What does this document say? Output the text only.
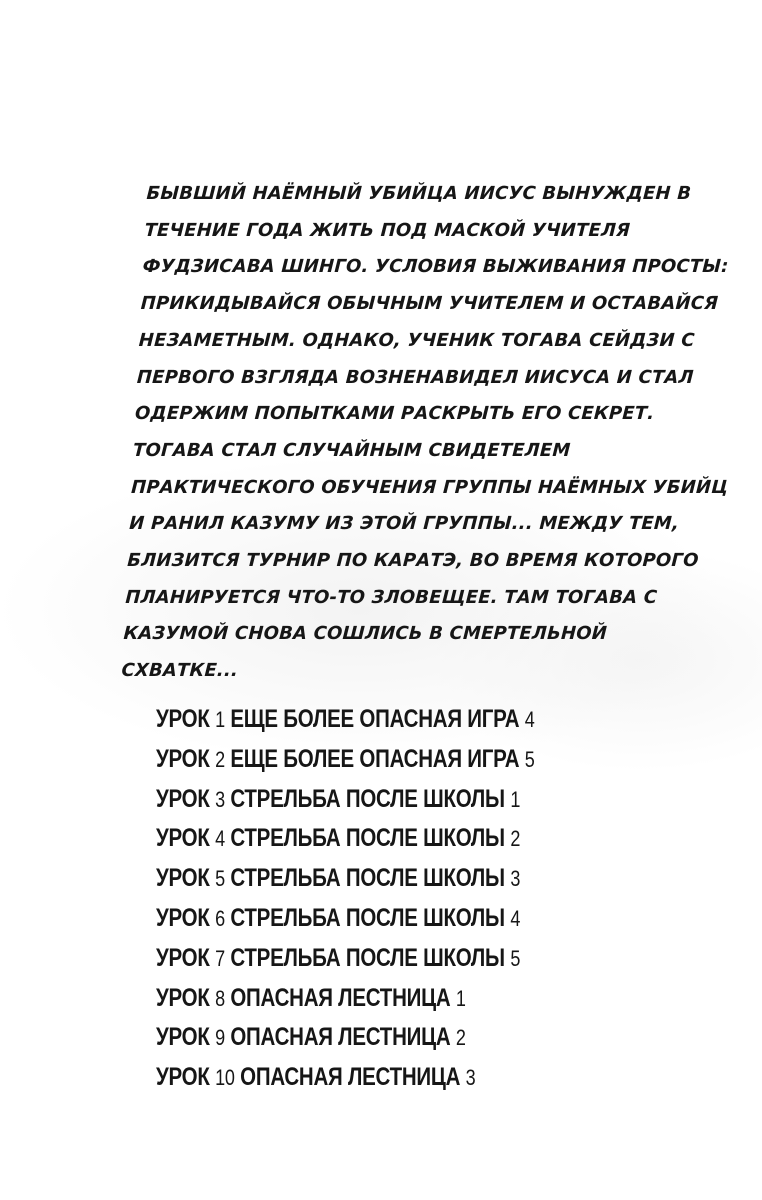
БЫВШИЙ НАЁМНЫЙ УБИЙЦА ИИСУС ВЫНУЖДЕН В ТЕЧЕНИЕ ГОДА ЖИТЬ ПОД МАСКОЙ УЧИТЕЛЯ ФУДЗИСАВА ШИНГО. УСЛОВИЯ ВЫЖИВАНИЯ ПРОСТЫ: ПРИКИДЫВАЙСЯ ОБЫЧНЫМ УЧИТЕЛЕМ И ОСТАВАЙСЯ НЕЗАМЕТНЫМ. ОДНАКО, УЧЕНИК ТОГАВА СЕЙДЗИ С ПЕРВОГО ВЗГЛЯДА ВОЗНЕНАВИДЕЛ ИИСУСА И СТАЛ ОДЕРЖИМ ПОПЫТКАМИ РАСКРЫТЬ ЕГО СЕКРЕТ.

ТОГАВА СТАЛ СЛУЧАЙНЫМ СВИДЕТЕЛЕМ ПРАКТИЧЕСКОГО ОБУЧЕНИЯ ГРУППЫ НАЁМНЫХ УБИЙЦ И РАНИЛ КАЗУМУ ИЗ ЭТОЙ ГРУППЫ... МЕЖДУ ТЕМ, БЛИЗИТСЯ ТУРНИР ПО КАРАТЭ, ВО ВРЕМЯ КОТОРОГО ПЛАНИРУЕТСЯ ЧТО-ТО ЗЛОВЕЩЕЕ. ТАМ ТОГАВА С КАЗУМОЙ СНОВА СОШЛИСЬ В СМЕРТЕЛЬНОЙ СХВАТКЕ...

УРОК 1 ЕЩЕ БОЛЕЕ ОПАСНАЯ ИГРА 4
УРОК 2 ЕЩЕ БОЛЕЕ ОПАСНАЯ ИГРА 5
УРОК 3 СТРЕЛЬБА ПОСЛЕ ШКОЛЫ 1
УРОК 4 СТРЕЛЬБА ПОСЛЕ ШКОЛЫ 2
УРОК 5 СТРЕЛЬБА ПОСЛЕ ШКОЛЫ 3
УРОК 6 СТРЕЛЬБА ПОСЛЕ ШКОЛЫ 4
УРОК 7 СТРЕЛЬБА ПОСЛЕ ШКОЛЫ 5
УРОК 8 ОПАСНАЯ ЛЕСТНИЦА 1
УРОК 9 ОПАСНАЯ ЛЕСТНИЦА 2
УРОК 10 ОПАСНАЯ ЛЕСТНИЦА 3
